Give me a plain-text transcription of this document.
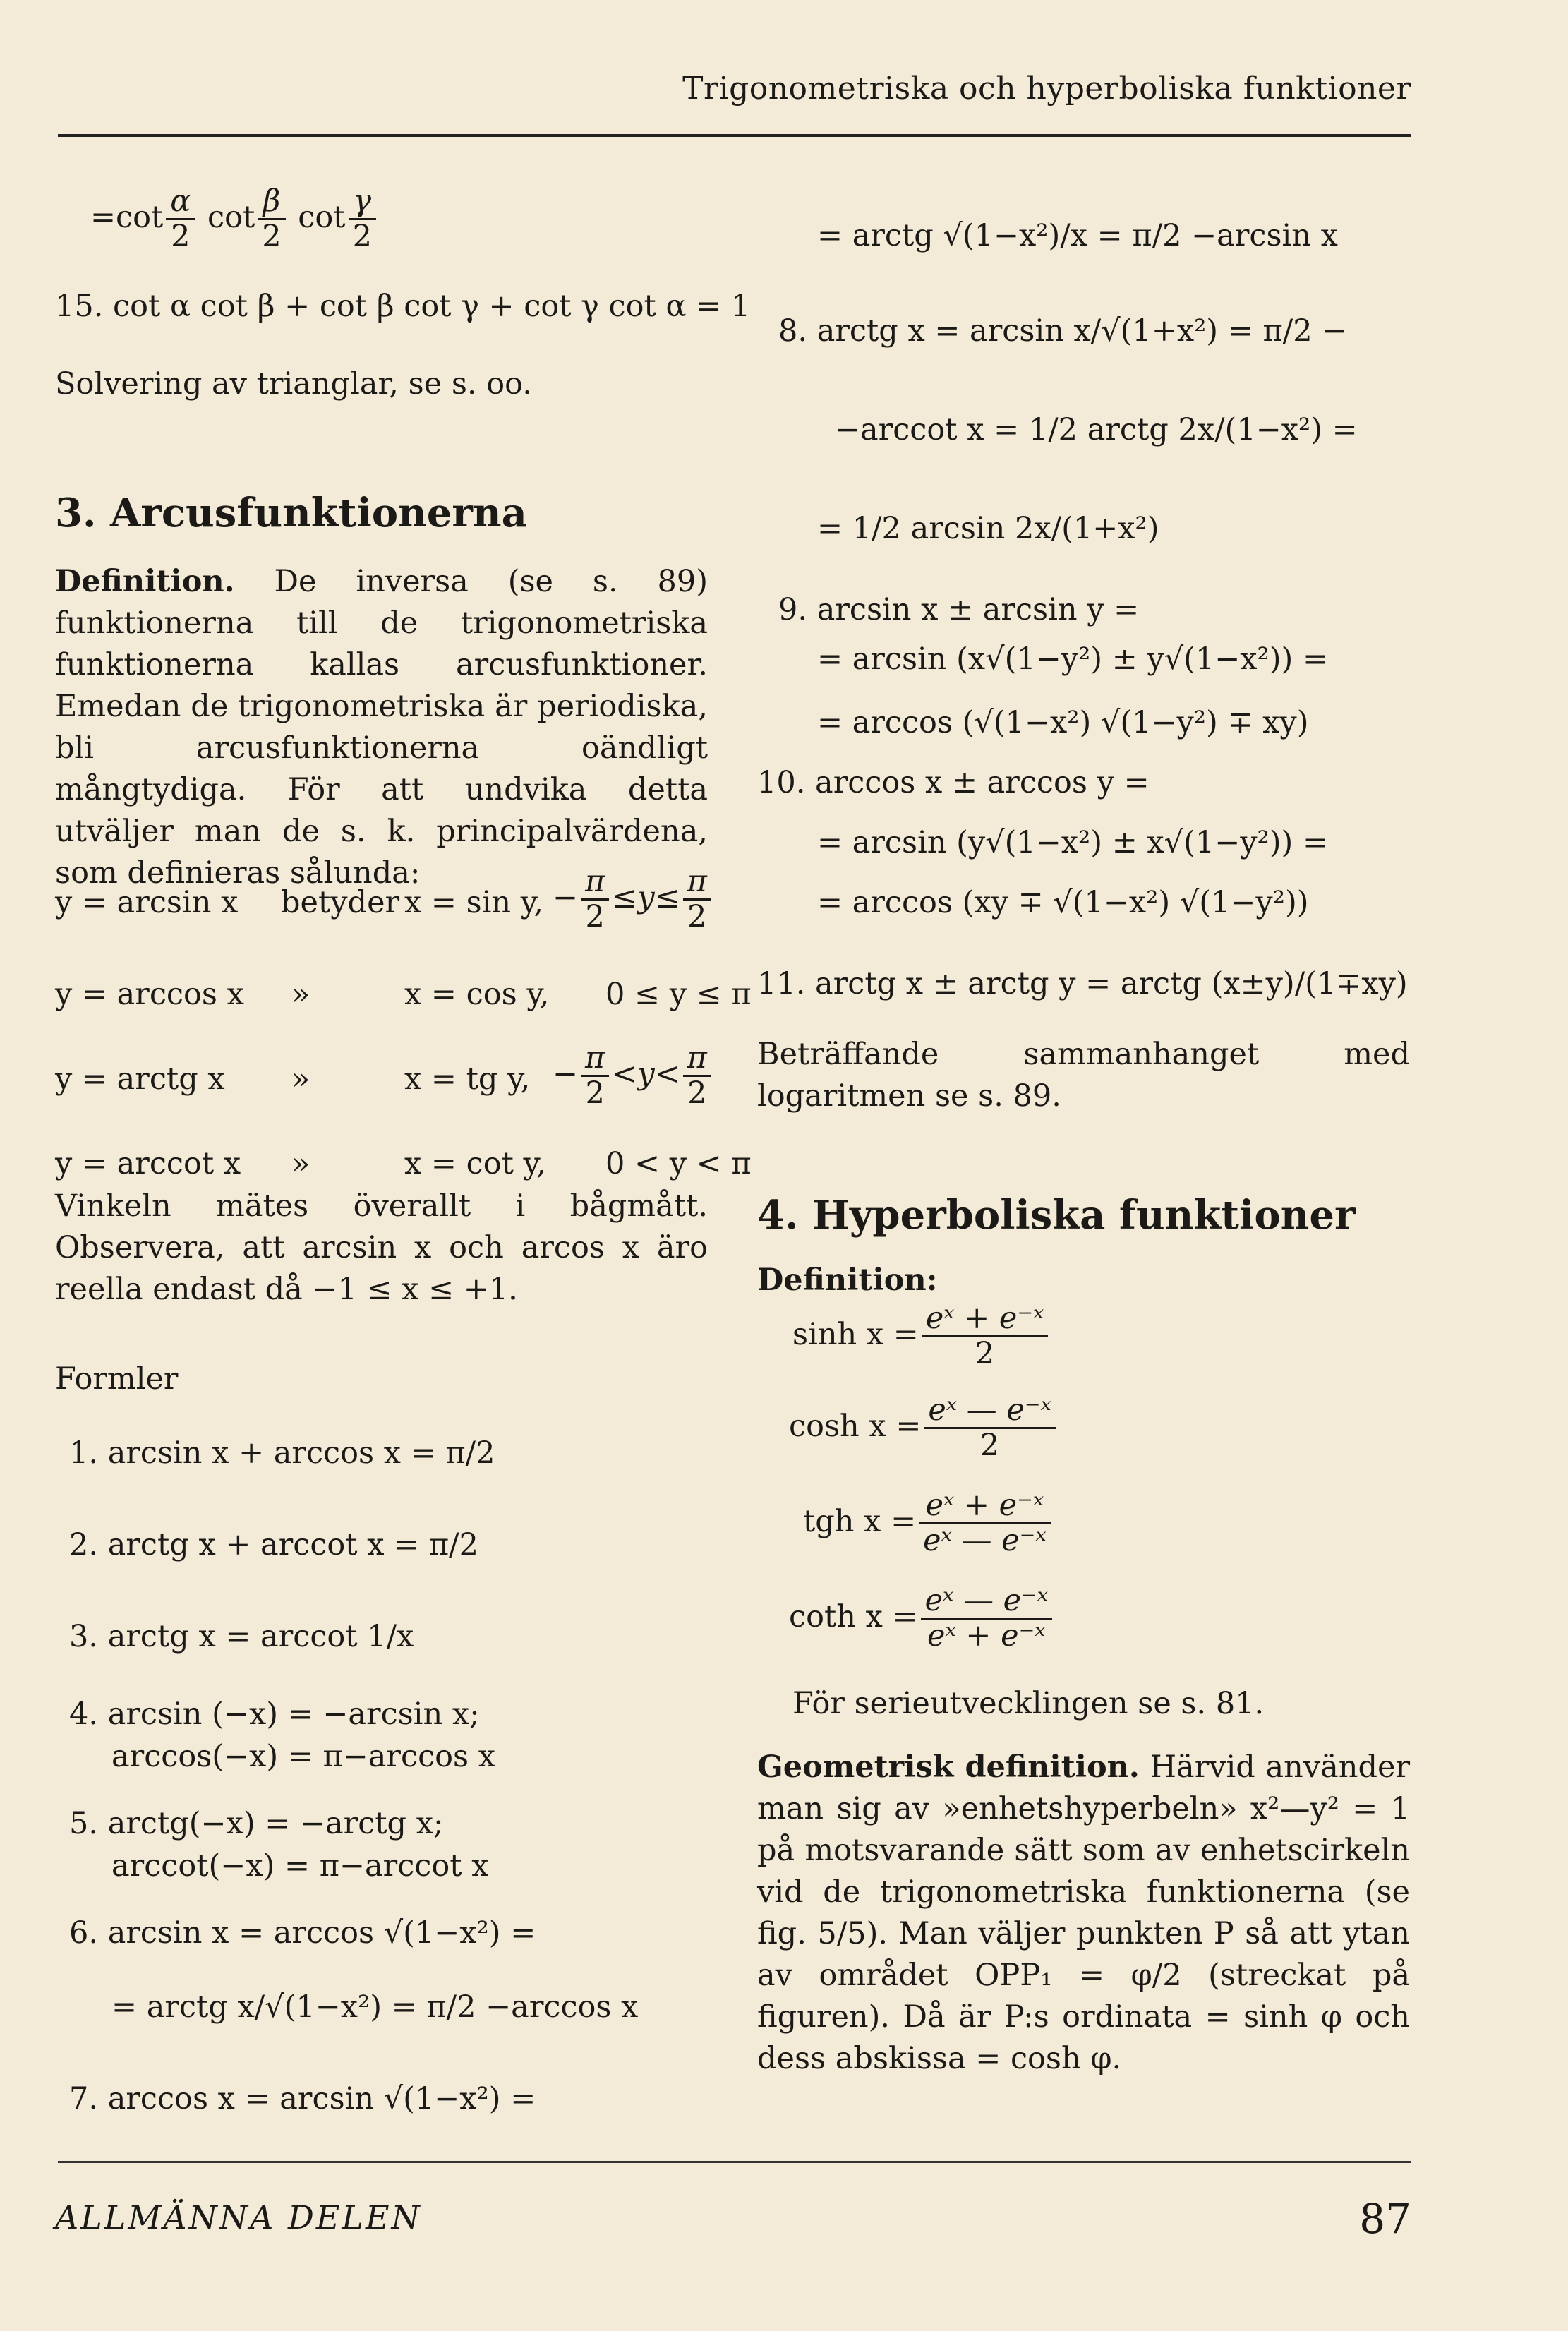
Trigonometriska och hyperboliska funktioner
$=\cot \frac{\alpha}{2}$ $\cot \frac{\beta}{2}$ $\cot \frac{\gamma}{2}$
15. cot α cot β + cot β cot γ + cot γ cot α = 1
Solvering av trianglar, se s. oo.
3. Arcusfunktionerna
Definition. De inversa (se s. 89) funktionerna till de trigonometriska funktionerna kallas arcusfunktioner. Emedan de trigonometriska är periodiska, bli arcusfunktionerna oändligt mångtydiga. För att undvika detta utväljer man de s. k. principalvärdena, som definieras sålunda:
y = arcsin x betyder x = sin y, − $\frac{\pi}{2} \le y\le \frac{\pi}{2}$
y = arccos x »	x = cos y, 0 ≤ y ≤ π
y = arctg x »	x = tg y, − $\frac{\pi}{2} <y< \frac{\pi}{2}$
y = arccot x »	x = cot y, 0 < y < π
Vinkeln mätes överallt i bågmått. Observera, att arcsin x och arcos x äro reella endast då −1 ≤ x ≤ +1.
Formler
1. arcsin x + arccos x = π/2
2. arctg x + arccot x = π/2
3. arctg x = arccot 1/x
4. arcsin (−x) = −arcsin x;
arccos(−x) = π−arccos x
5. arctg(−x) = −arctg x;
arccot(−x) = π−arccot x
6. arcsin x = arccos √(1−x²) =
= arctg x/√(1−x²) = π/2 −arccos x
7. arccos x = arcsin √(1−x²) =
= arctg √(1−x²)/x = π/2 −arcsin x
8. arctg x = arcsin x/√(1+x²) = π/2 −
−arccot x = 1/2 arctg 2x/(1−x²) =
= 1/2 arcsin 2x/(1+x²)
9. arcsin x ± arcsin y =
= arcsin (x√(1−y²) ± y√(1−x²)) =
= arccos (√(1−x²) √(1−y²) ∓ xy)
10. arccos x ± arccos y =
= arcsin (y√(1−x²) ± x√(1−y²)) =
= arccos (xy ∓ √(1−x²) √(1−y²))
11. arctg x ± arctg y = arctg (x±y)/(1∓xy)
Beträffande sammanhanget med logaritmen se s. 89.
4. Hyperboliska funktioner
Definition:
$\sinh x = \frac{\text{eˣ + e⁻ˣ}}{2}$
$\cosh x = \frac{\text{eˣ — e⁻ˣ}}{2}$
tgh $x = \frac{\text{eˣ + e⁻ˣ}}{\text{eˣ — e⁻ˣ}}$
coth $x = \frac{\text{eˣ — e⁻ˣ}}{\text{eˣ + e⁻ˣ}}$
För serieutvecklingen se s. 81.
Geometrisk definition. Härvid använder man sig av »enhetshyperbeln» x²—y² = 1 på motsvarande sätt som av enhetscirkeln vid de trigonometriska funktionerna (se fig. 5/5). Man väljer punkten P så att ytan av området OPP₁ = φ/2 (streckat på figuren). Då är P:s ordinata = sinh φ och dess abskissa = cosh φ.
ALLMÄNNA DELEN	87
